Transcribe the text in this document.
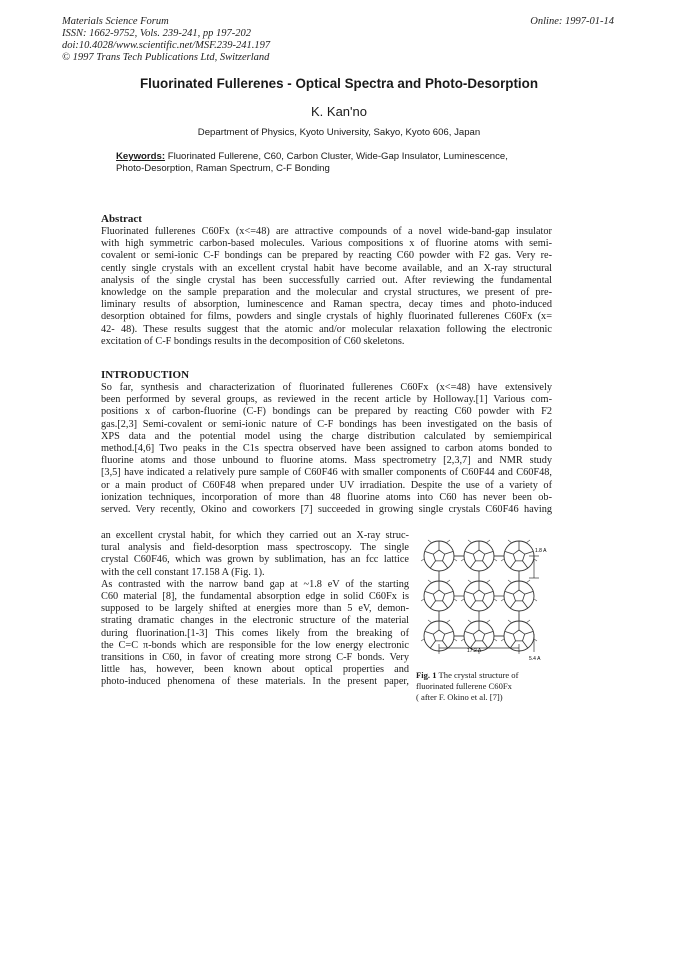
Materials Science Forum
ISSN: 1662-9752, Vols. 239-241, pp 197-202
doi:10.4028/www.scientific.net/MSF.239-241.197
© 1997 Trans Tech Publications Ltd, Switzerland
Online: 1997-01-14
Fluorinated Fullerenes - Optical Spectra and Photo-Desorption
K. Kan'no
Department of Physics, Kyoto University, Sakyo, Kyoto 606, Japan
Keywords: Fluorinated Fullerene, C60, Carbon Cluster, Wide-Gap Insulator, Luminescence,
Photo-Desorption, Raman Spectrum, C-F Bonding
Abstract
Fluorinated fullerenes C60Fx (x<=48) are attractive compounds of a novel wide-band-gap insulator
with high symmetric carbon-based molecules. Various compositions x of fluorine atoms with semi-
covalent or semi-ionic C-F bondings can be prepared by reacting C60 powder with F2 gas. Very re-
cently single crystals with an excellent crystal habit have become available, and an X-ray structural
analysis of the single crystal has been successfully carried out. After reviewing the fundamental
knowledge on the sample preparation and the molecular and crystal structures, we present of pre-
liminary results of absorption, luminescence and Raman spectra, decay times and photo-induced
desorption obtained for films, powders and single crystals of highly fluorinated fullerenes C60Fx (x=
42- 48). These results suggest that the atomic and/or molecular relaxation following the electronic
excitation of C-F bondings results in the decomposition of C60 skeletons.
INTRODUCTION
So far, synthesis and characterization of fluorinated fullerenes C60Fx (x<=48) have extensively
been performed by several groups, as reviewed in the recent article by Holloway.[1] Various com-
positions x of carbon-fluorine (C-F) bondings can be prepared by reacting C60 powder with F2
gas.[2,3] Semi-covalent or semi-ionic nature of C-F bondings has been investigated on the basis of
XPS data and the potential model using the charge distribution calculated by semiempirical
method.[4,6] Two peaks in the C1s spectra observed have been assigned to carbon atoms bonded to
fluorine atoms and those unbound to fluorine atoms. Mass spectrometry [2,3,7] and NMR study
[3,5] have indicated a relatively pure sample of C60F46 with smaller components of C60F44 and C60F48,
or a main product of C60F48 when prepared under UV irradiation. Despite the use of a variety of
ionization techniques, incorporation of more than 48 fluorine atoms into C60 has never been ob-
served. Very recently, Okino and coworkers [7] succeeded in growing single crystals C60F46 having
an excellent crystal habit, for which they carried out an X-ray struc-
tural analysis and field-desorption mass spectroscopy. The single
crystal C60F46, which was grown by sublimation, has an fcc lattice
with the cell constant 17.158 A (Fig. 1).
As contrasted with the narrow band gap at ~1.8 eV of the starting
C60 material [8], the fundamental absorption edge in solid C60Fx is
supposed to be largely shifted at energies more than 5 eV, demon-
strating dramatic changes in the electronic structure of the material
during fluorination.[1-3] This comes likely from the breaking of
the C=C π-bonds which are responsible for the low energy electronic
transitions in C60, in favor of creating more strong C-F bonds. Very
little has, however, been known about optical properties and
photo-induced phenomena of these materials. In the present paper,
1.8 A
17.2 A
5.4 A
Fig. 1 The crystal structure of
fluorinated fullerene C60Fx
( after F. Okino et al. [7])
